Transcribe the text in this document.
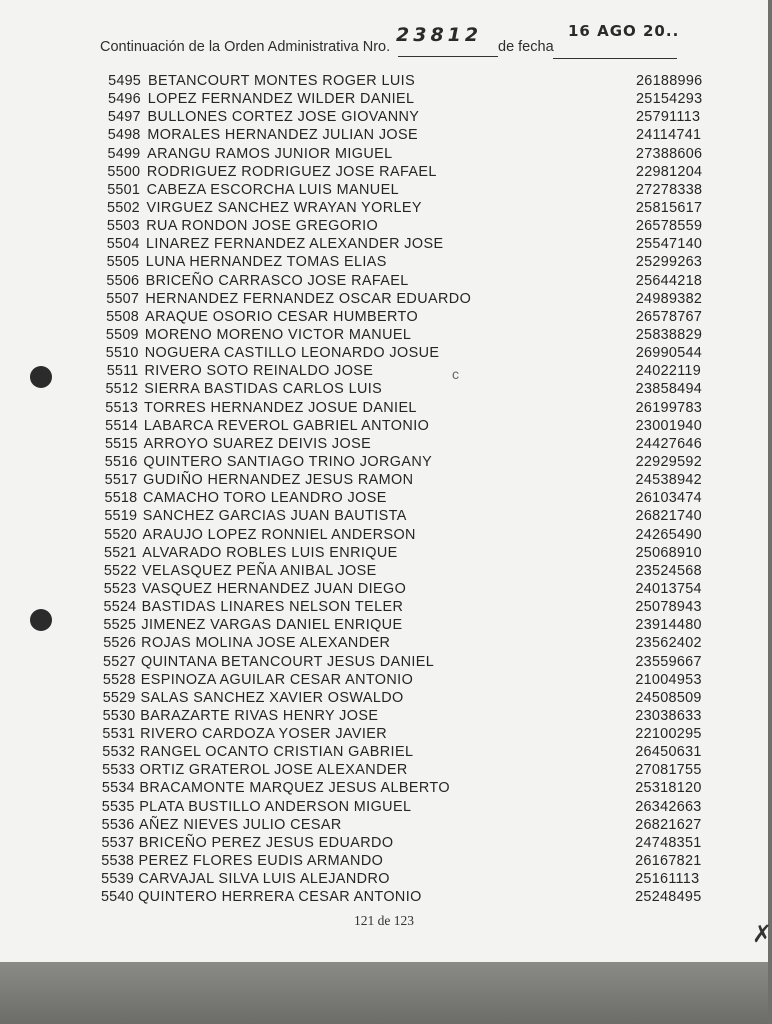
Continuación de la Orden Administrativa Nro.
23812
de fecha
16 AGO 20..
5495 BETANCOURT MONTES ROGER LUIS	26188996
5496 LOPEZ FERNANDEZ WILDER DANIEL	25154293
5497 BULLONES CORTEZ JOSE GIOVANNY	25791113
5498 MORALES HERNANDEZ JULIAN JOSE	24114741
5499 ARANGU RAMOS JUNIOR MIGUEL	27388606
5500 RODRIGUEZ RODRIGUEZ JOSE RAFAEL	22981204
5501 CABEZA ESCORCHA LUIS MANUEL	27278338
5502 VIRGUEZ SANCHEZ WRAYAN YORLEY	25815617
5503 RUA RONDON JOSE GREGORIO	26578559
5504 LINAREZ FERNANDEZ ALEXANDER JOSE	25547140
5505 LUNA HERNANDEZ TOMAS ELIAS	25299263
5506 BRICEÑO CARRASCO JOSE RAFAEL	25644218
5507 HERNANDEZ FERNANDEZ OSCAR EDUARDO	24989382
5508 ARAQUE OSORIO CESAR HUMBERTO	26578767
5509 MORENO MORENO VICTOR MANUEL	25838829
5510 NOGUERA CASTILLO LEONARDO JOSUE	26990544
5511 RIVERO SOTO REINALDO JOSE	24022119
5512 SIERRA BASTIDAS CARLOS LUIS	23858494
5513 TORRES HERNANDEZ JOSUE DANIEL	26199783
5514 LABARCA REVEROL GABRIEL ANTONIO	23001940
5515 ARROYO SUAREZ DEIVIS JOSE	24427646
5516 QUINTERO SANTIAGO TRINO JORGANY	22929592
5517 GUDIÑO HERNANDEZ JESUS RAMON	24538942
5518 CAMACHO TORO LEANDRO JOSE	26103474
5519 SANCHEZ GARCIAS JUAN BAUTISTA	26821740
5520 ARAUJO LOPEZ RONNIEL ANDERSON	24265490
5521 ALVARADO ROBLES LUIS ENRIQUE	25068910
5522 VELASQUEZ PEÑA ANIBAL JOSE	23524568
5523 VASQUEZ HERNANDEZ JUAN DIEGO	24013754
5524 BASTIDAS LINARES NELSON TELER	25078943
5525 JIMENEZ VARGAS DANIEL ENRIQUE	23914480
5526 ROJAS MOLINA JOSE ALEXANDER	23562402
5527 QUINTANA BETANCOURT JESUS DANIEL	23559667
5528 ESPINOZA AGUILAR CESAR ANTONIO	21004953
5529 SALAS SANCHEZ XAVIER OSWALDO	24508509
5530 BARAZARTE RIVAS HENRY JOSE	23038633
5531 RIVERO CARDOZA YOSER JAVIER	22100295
5532 RANGEL OCANTO CRISTIAN GABRIEL	26450631
5533 ORTIZ GRATEROL JOSE ALEXANDER	27081755
5534 BRACAMONTE MARQUEZ JESUS ALBERTO	25318120
5535 PLATA BUSTILLO ANDERSON MIGUEL	26342663
5536 AÑEZ NIEVES JULIO CESAR	26821627
5537 BRICEÑO PEREZ JESUS EDUARDO	24748351
5538 PEREZ FLORES EUDIS ARMANDO	26167821
5539 CARVAJAL SILVA LUIS ALEJANDRO	25161113
5540 QUINTERO HERRERA CESAR ANTONIO	25248495
ᴄ
121 de 123
✗
